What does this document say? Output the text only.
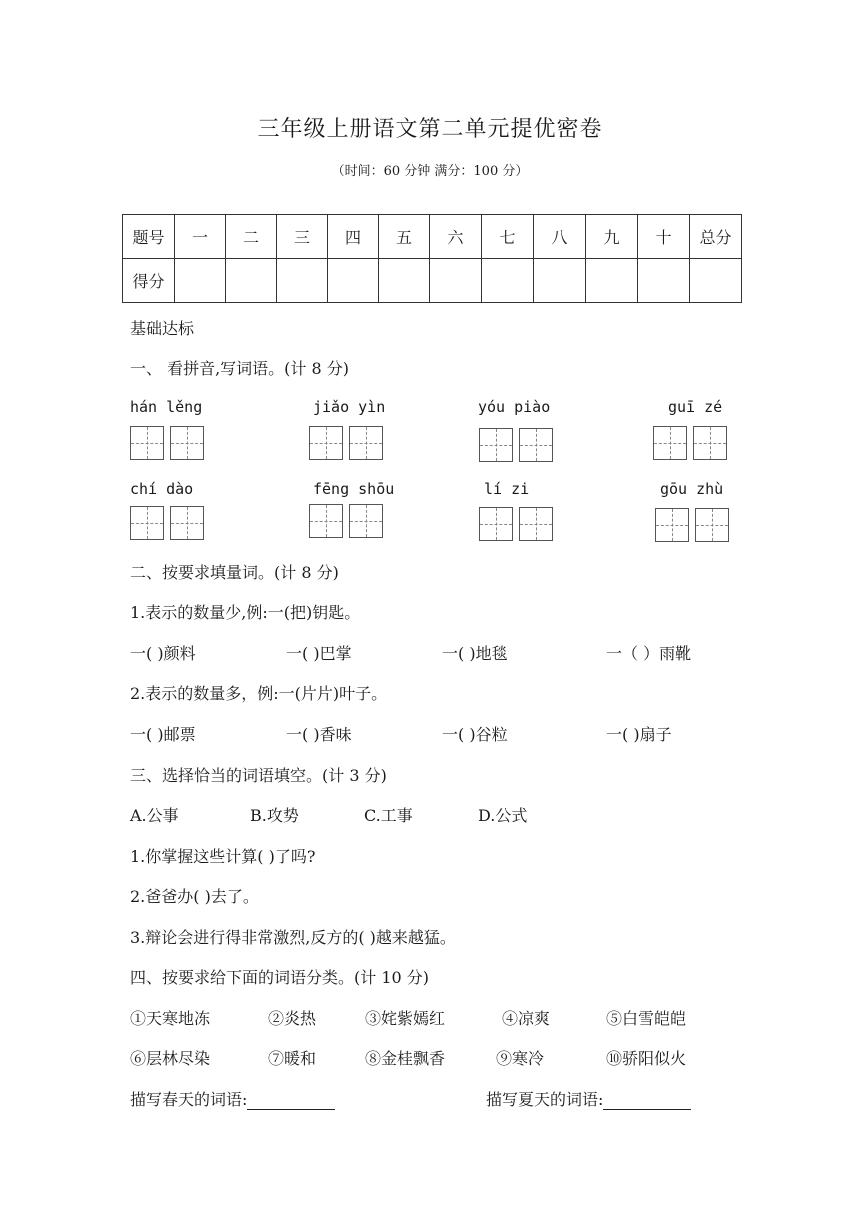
三年级上册语文第二单元提优密卷
（时间：60 分钟 满分：100 分）
题号	一	二	三	四	五	六	七	八	九	十	总分
得分											
基础达标
一、 看拼音,写词语。(计 8 分)
hán lěng	jiǎo yìn	yóu piào	guī zé
chí dào	fēng shōu	lí zi	gōu zhù
二、按要求填量词。(计 8 分)
1.表示的数量少,例:一(把)钥匙。
一( )颜料	一( )巴掌	一( )地毯	一（ ）雨靴
2.表示的数量多，例:一(片片)叶子。
一( )邮票	一( )香味	一( )谷粒	一( )扇子
三、选择恰当的词语填空。(计 3 分)
A.公事	B.攻势	C.工事	D.公式
1.你掌握这些计算( )了吗?
2.爸爸办( )去了。
3.辩论会进行得非常激烈,反方的( )越来越猛。
四、按要求给下面的词语分类。(计 10 分)
①天寒地冻	②炎热	③姹紫嫣红	④凉爽	⑤白雪皑皑
⑥层林尽染	⑦暖和	⑧金桂飘香	⑨寒冷	⑩骄阳似火
描写春天的词语:	描写夏天的词语:
